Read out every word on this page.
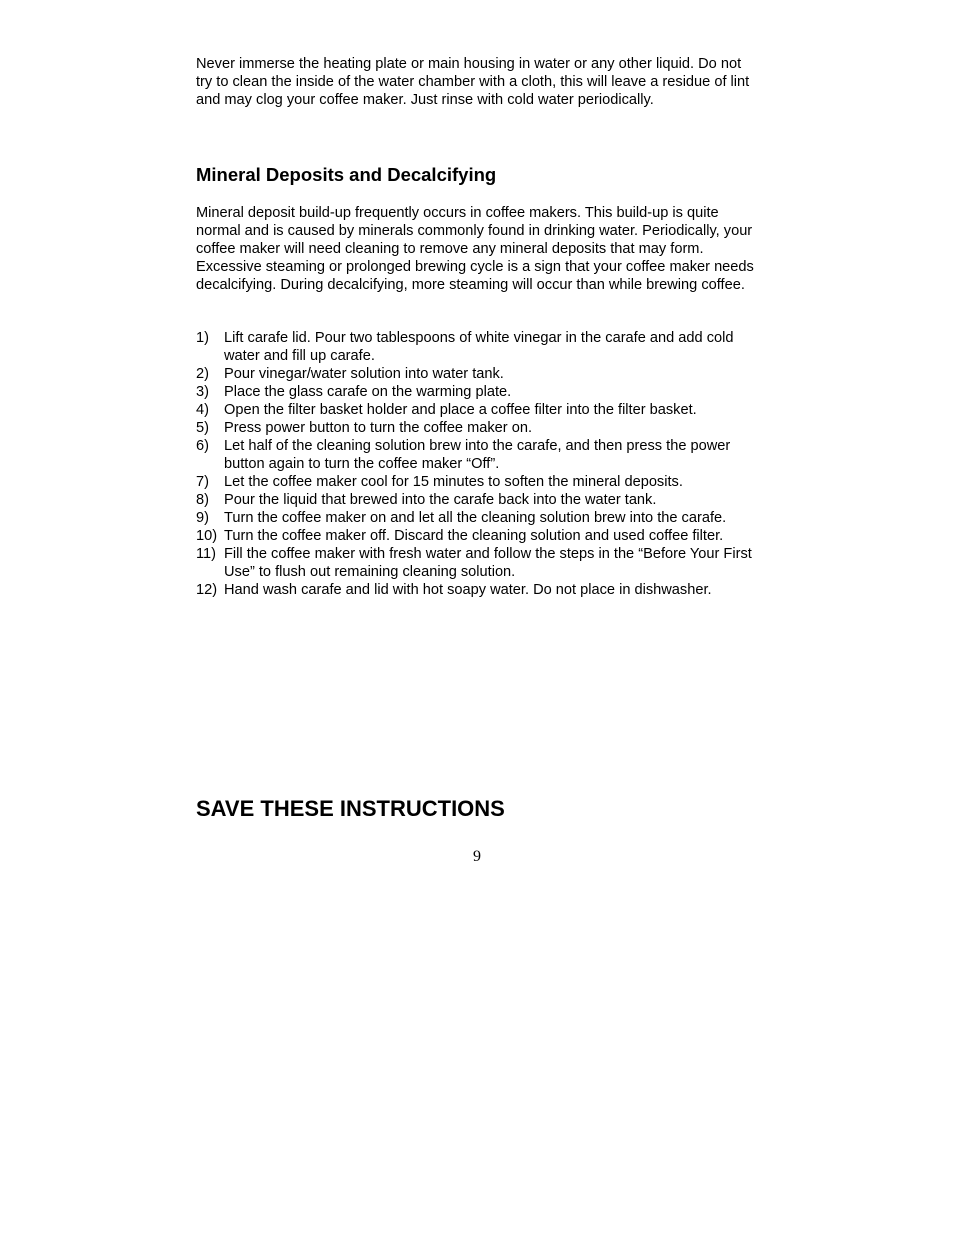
Never immerse the heating plate or main housing in water or any other liquid. Do not try to clean the inside of the water chamber with a cloth, this will leave a residue of lint and may clog your coffee maker. Just rinse with cold water periodically.

Mineral Deposits and Decalcifying

Mineral deposit build-up frequently occurs in coffee makers. This build-up is quite normal and is caused by minerals commonly found in drinking water. Periodically, your coffee maker will need cleaning to remove any mineral deposits that may form. Excessive steaming or prolonged brewing cycle is a sign that your coffee maker needs decalcifying. During decalcifying, more steaming will occur than while brewing coffee.

1)	Lift carafe lid. Pour two tablespoons of white vinegar in the carafe and add cold water and fill up carafe.
2)	Pour vinegar/water solution into water tank.
3)	Place the glass carafe on the warming plate.
4)	Open the filter basket holder and place a coffee filter into the filter basket.
5)	Press power button to turn the coffee maker on.
6)	Let half of the cleaning solution brew into the carafe, and then press the power button again to turn the coffee maker “Off”.
7)	Let the coffee maker cool for 15 minutes to soften the mineral deposits.
8)	Pour the liquid that brewed into the carafe back into the water tank.
9)	Turn the coffee maker on and let all the cleaning solution brew into the carafe.
10) Turn the coffee maker off. Discard the cleaning solution and used coffee filter.
11) Fill the coffee maker with fresh water and follow the steps in the “Before Your First Use” to flush out remaining cleaning solution.
12) Hand wash carafe and lid with hot soapy water. Do not place in dishwasher.
SAVE THESE INSTRUCTIONS
9
